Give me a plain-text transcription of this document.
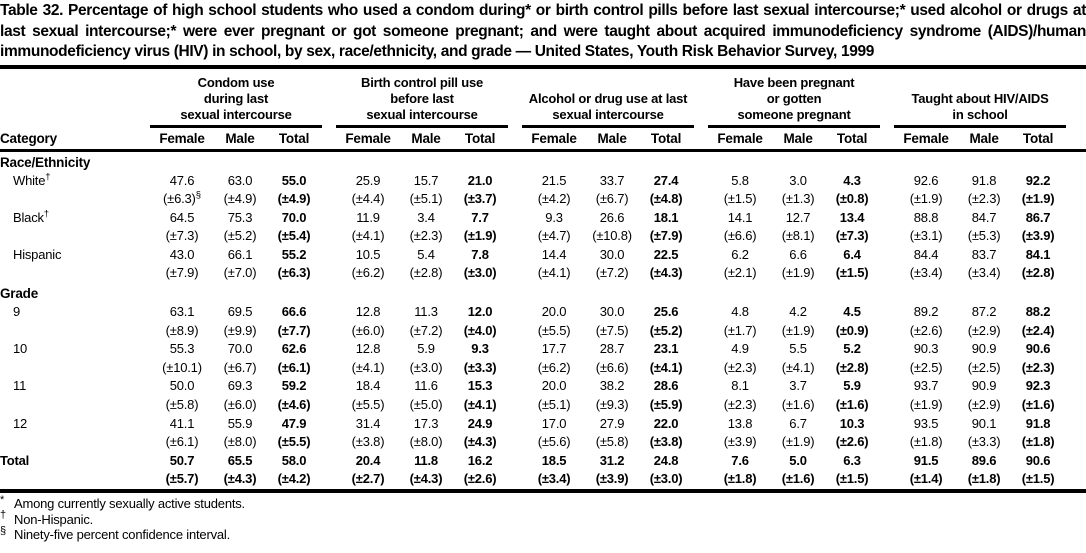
Table 32. Percentage of high school students who used a condom during* or birth control pills before last sexual intercourse;* used alcohol or drugs at last sexual intercourse;* were ever pregnant or got someone pregnant; and were taught about acquired immunodeficiency syndrome (AIDS)/human immunodeficiency virus (HIV) in school, by sex, race/ethnicity, and grade — United States, Youth Risk Behavior Survey, 1999

Condom use
during last
sexual intercourse

Birth control pill use
before last
sexual intercourse

Alcohol or drug use at last
sexual intercourse

Have been pregnant
or gotten
someone pregnant

Taught about HIV/AIDS
in school

Category	Female	Male	Total		Female	Male	Total		Female	Male	Total		Female	Male	Total		Female	Male	Total	
Race/Ethnicity																				
White†	47.6	63.0	55.0		25.9	15.7	21.0		21.5	33.7	27.4		5.8	3.0	4.3		92.6	91.8	92.2	
	(±6.3)§	(±4.9)	(±4.9)		(±4.4)	(±5.1)	(±3.7)		(±4.2)	(±6.7)	(±4.8)		(±1.5)	(±1.3)	(±0.8)		(±1.9)	(±2.3)	(±1.9)	
Black†	64.5	75.3	70.0		11.9	3.4	7.7		9.3	26.6	18.1		14.1	12.7	13.4		88.8	84.7	86.7	
	(±7.3)	(±5.2)	(±5.4)		(±4.1)	(±2.3)	(±1.9)		(±4.7)	(±10.8)	(±7.9)		(±6.6)	(±8.1)	(±7.3)		(±3.1)	(±5.3)	(±3.9)	
Hispanic	43.0	66.1	55.2		10.5	5.4	7.8		14.4	30.0	22.5		6.2	6.6	6.4		84.4	83.7	84.1	
	(±7.9)	(±7.0)	(±6.3)		(±6.2)	(±2.8)	(±3.0)		(±4.1)	(±7.2)	(±4.3)		(±2.1)	(±1.9)	(±1.5)		(±3.4)	(±3.4)	(±2.8)	
Grade																				
9	63.1	69.5	66.6		12.8	11.3	12.0		20.0	30.0	25.6		4.8	4.2	4.5		89.2	87.2	88.2	
	(±8.9)	(±9.9)	(±7.7)		(±6.0)	(±7.2)	(±4.0)		(±5.5)	(±7.5)	(±5.2)		(±1.7)	(±1.9)	(±0.9)		(±2.6)	(±2.9)	(±2.4)	
10	55.3	70.0	62.6		12.8	5.9	9.3		17.7	28.7	23.1		4.9	5.5	5.2		90.3	90.9	90.6	
	(±10.1)	(±6.7)	(±6.1)		(±4.1)	(±3.0)	(±3.3)		(±6.2)	(±6.6)	(±4.1)		(±2.3)	(±4.1)	(±2.8)		(±2.5)	(±2.5)	(±2.3)	
11	50.0	69.3	59.2		18.4	11.6	15.3		20.0	38.2	28.6		8.1	3.7	5.9		93.7	90.9	92.3	
	(±5.8)	(±6.0)	(±4.6)		(±5.5)	(±5.0)	(±4.1)		(±5.1)	(±9.3)	(±5.9)		(±2.3)	(±1.6)	(±1.6)		(±1.9)	(±2.9)	(±1.6)	
12	41.1	55.9	47.9		31.4	17.3	24.9		17.0	27.9	22.0		13.8	6.7	10.3		93.5	90.1	91.8	
	(±6.1)	(±8.0)	(±5.5)		(±3.8)	(±8.0)	(±4.3)		(±5.6)	(±5.8)	(±3.8)		(±3.9)	(±1.9)	(±2.6)		(±1.8)	(±3.3)	(±1.8)	
Total	50.7	65.5	58.0		20.4	11.8	16.2		18.5	31.2	24.8		7.6	5.0	6.3		91.5	89.6	90.6	
	(±5.7)	(±4.3)	(±4.2)		(±2.7)	(±4.3)	(±2.6)		(±3.4)	(±3.9)	(±3.0)		(±1.8)	(±1.6)	(±1.5)		(±1.4)	(±1.8)	(±1.5)	
* Among currently sexually active students.
† Non-Hispanic.
§ Ninety-five percent confidence interval.
